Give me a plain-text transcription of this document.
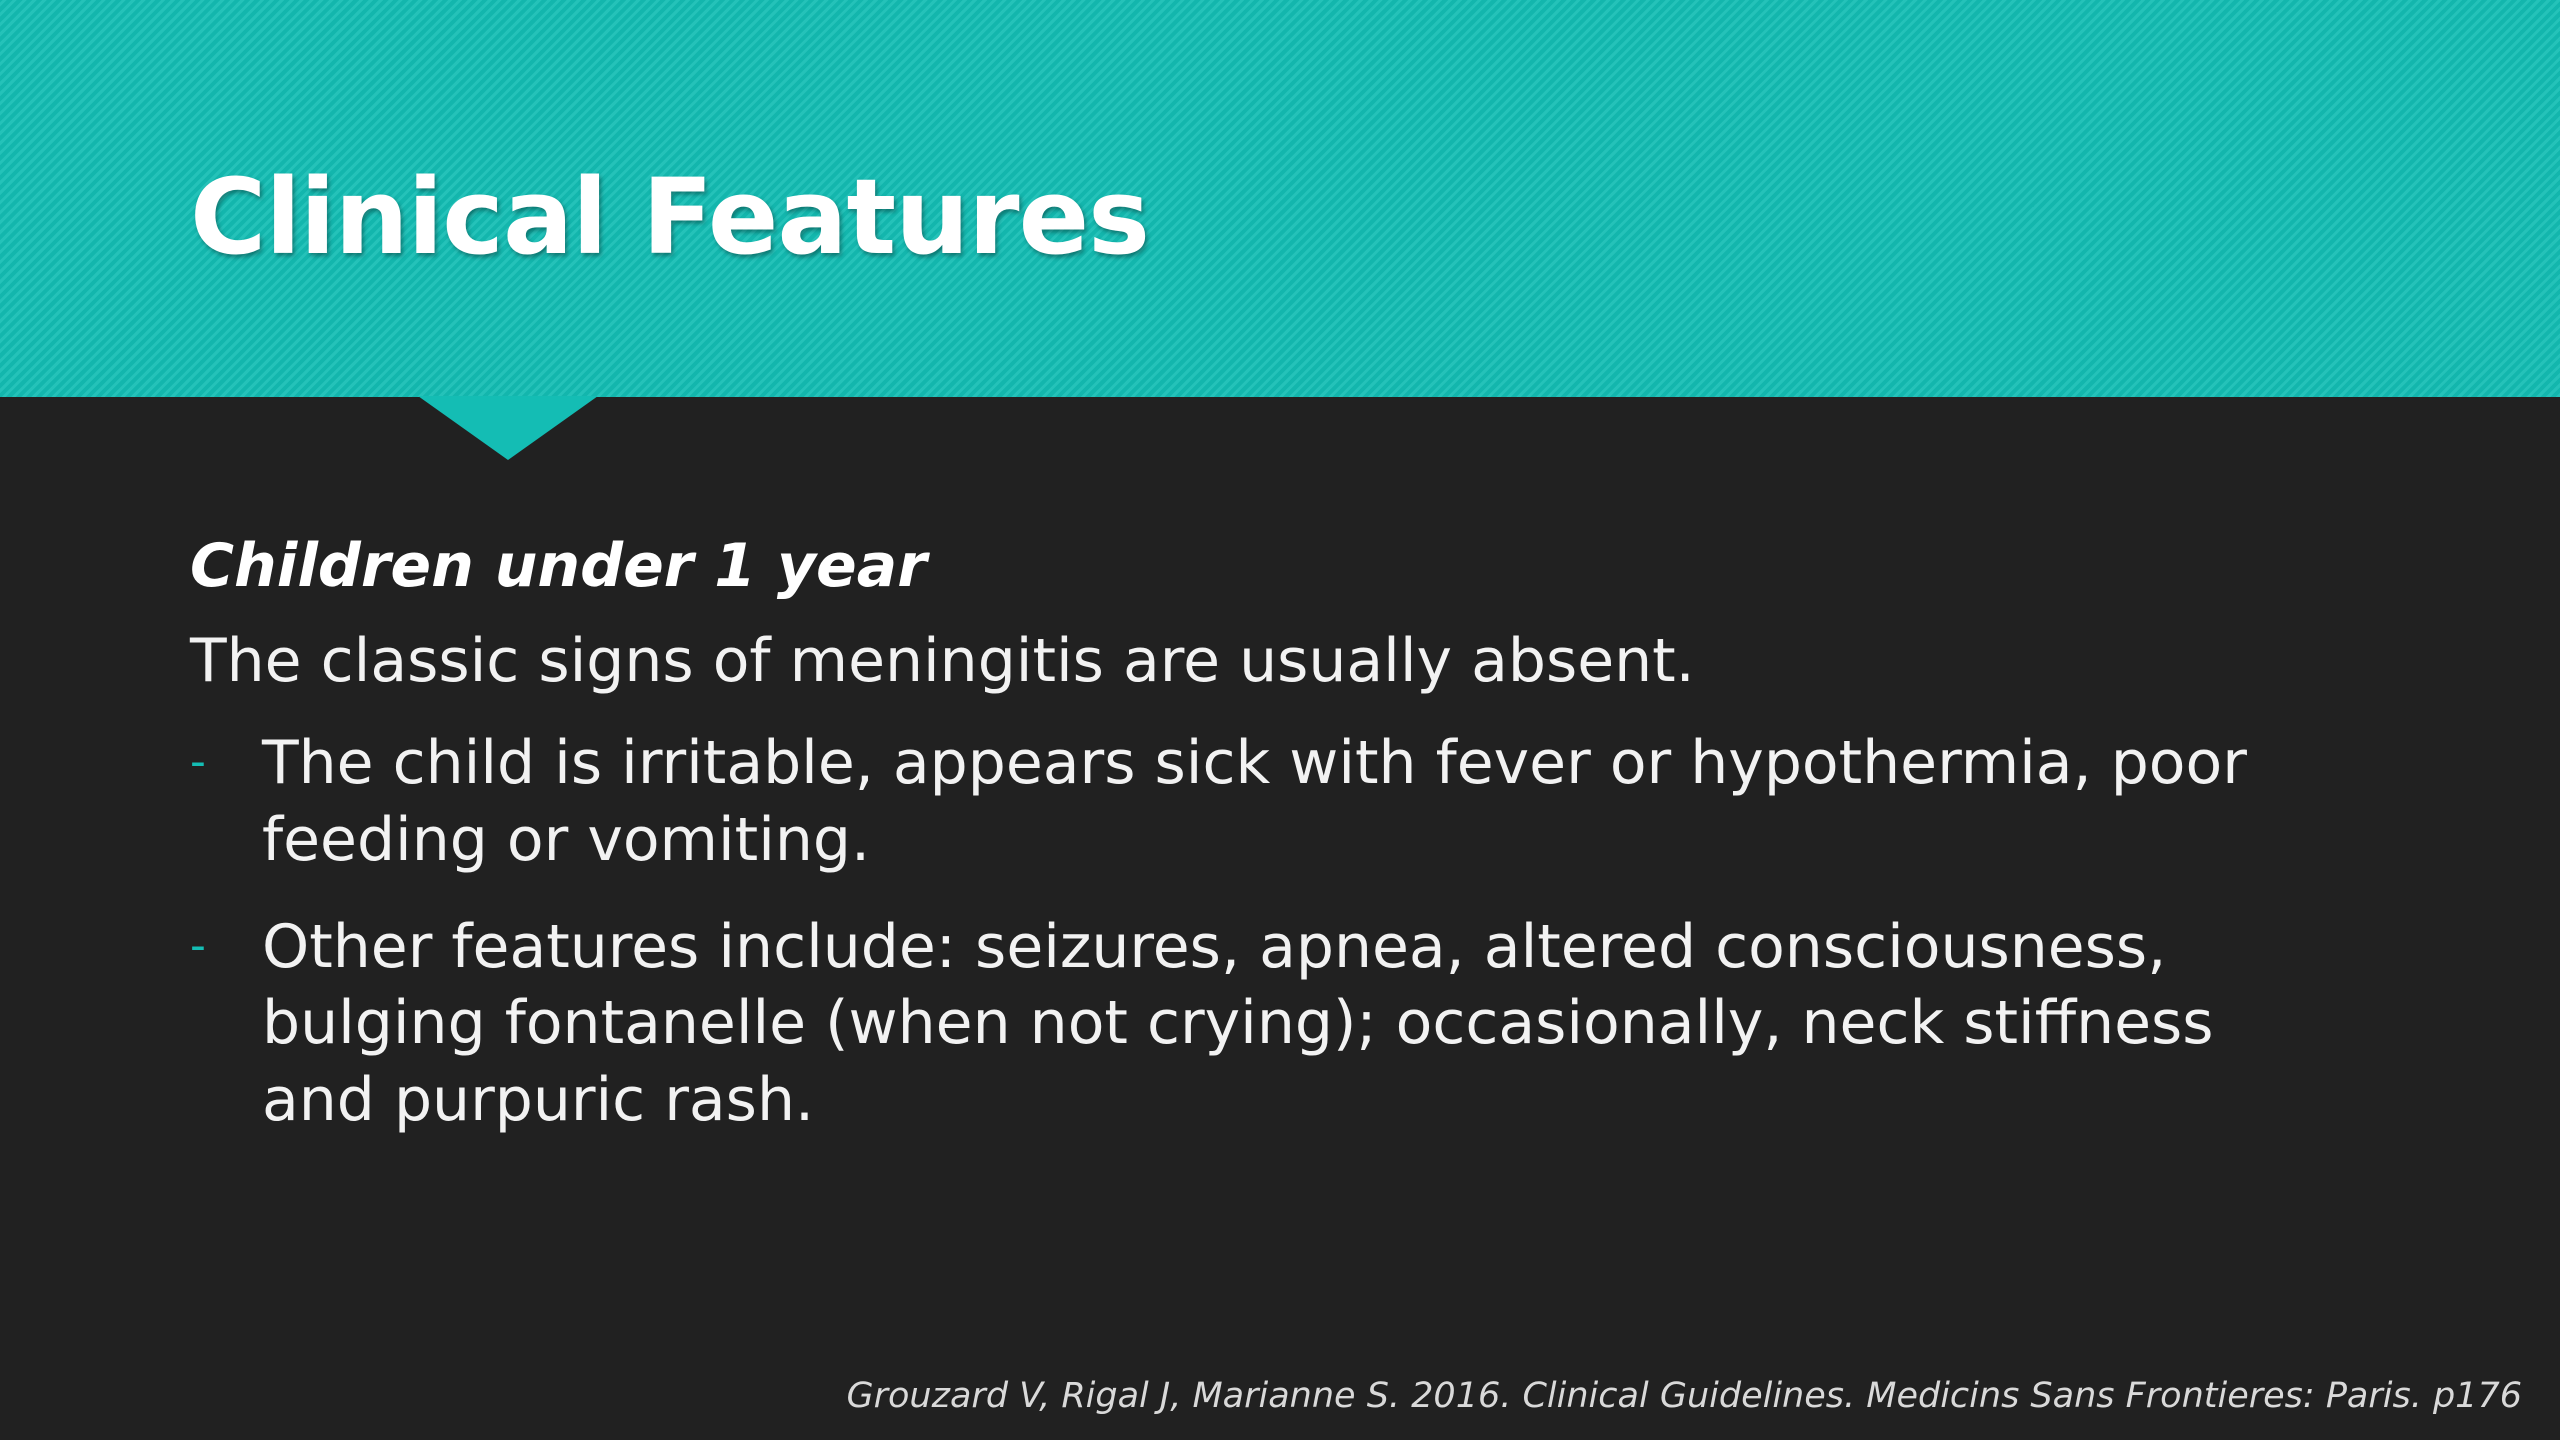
Clinical Features

Children under 1 year

The classic signs of meningitis are usually absent.

- The child is irritable, appears sick with fever or hypothermia, poor feeding or vomiting.
- Other features include: seizures, apnea, altered consciousness, bulging fontanelle (when not crying); occasionally, neck stiffness and purpuric rash.

Grouzard V, Rigal J, Marianne S. 2016. Clinical Guidelines. Medicins Sans Frontieres: Paris. p176
